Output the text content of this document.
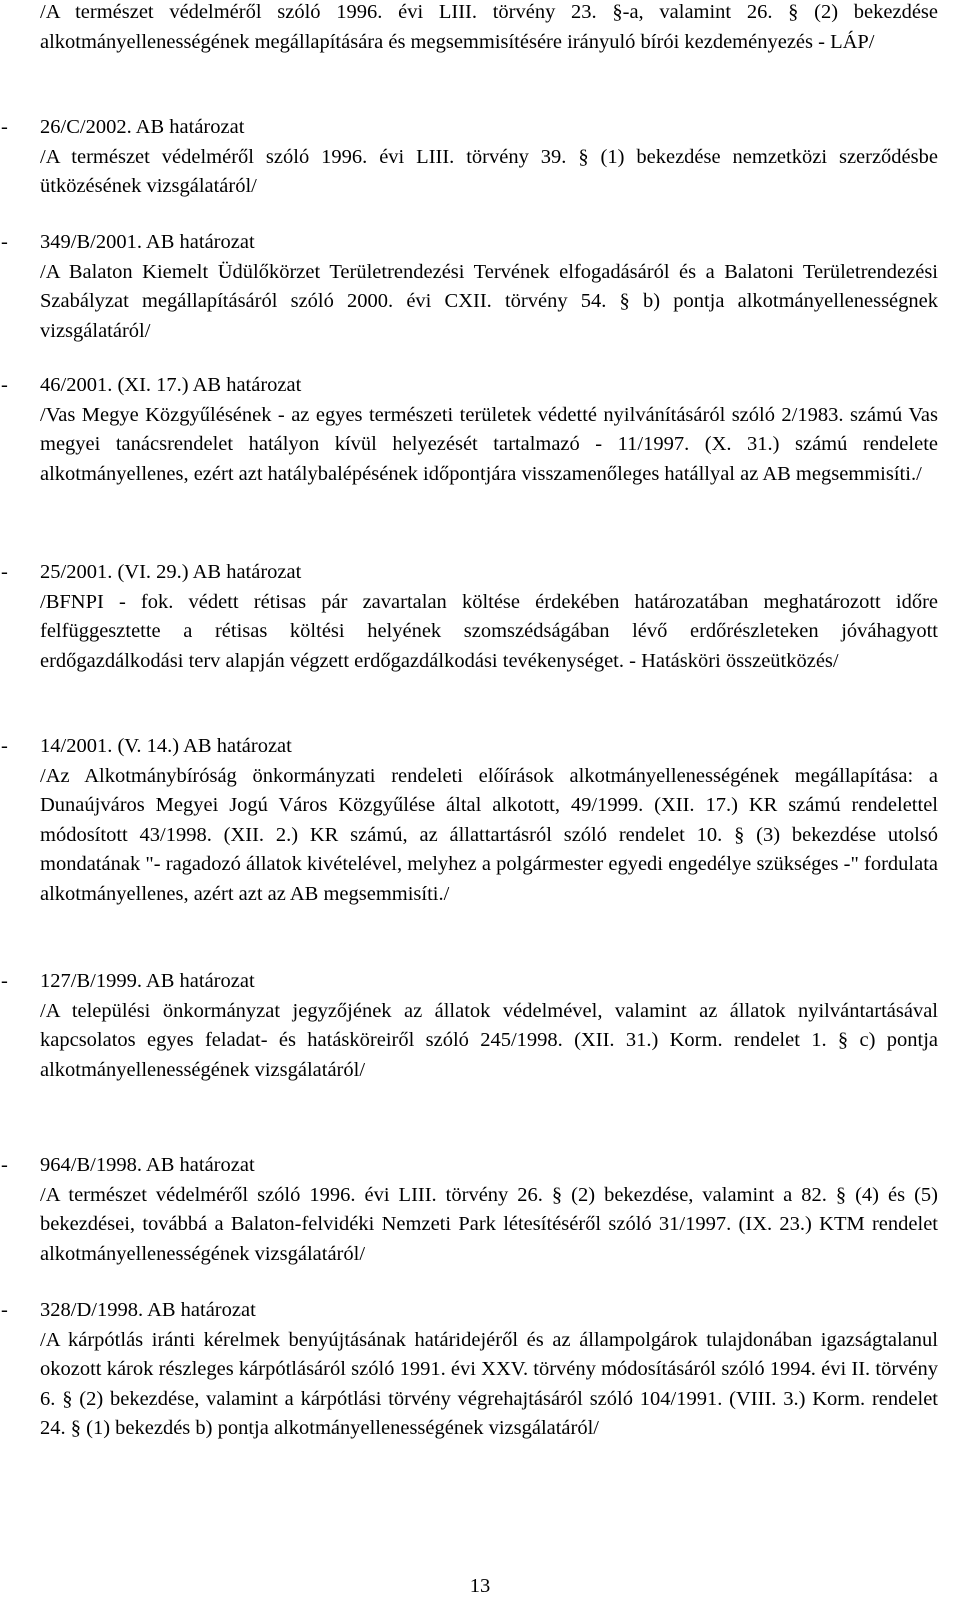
/A természet védelméről szóló 1996. évi LIII. törvény 23. §-a, valamint 26. § (2) bekezdése alkotmányellenességének megállapítására és megsemmisítésére irányuló bírói kezdeményezés - LÁP/
- 26/C/2002. AB határozat
/A természet védelméről szóló 1996. évi LIII. törvény 39. § (1) bekezdése nemzetközi szerződésbe ütközésének vizsgálatáról/
- 349/B/2001. AB határozat
/A Balaton Kiemelt Üdülőkörzet Területrendezési Tervének elfogadásáról és a Balatoni Területrendezési Szabályzat megállapításáról szóló 2000. évi CXII. törvény 54. § b) pontja alkotmányellenességnek vizsgálatáról/
- 46/2001. (XI. 17.) AB határozat
/Vas Megye Közgyűlésének - az egyes természeti területek védetté nyilvánításáról szóló 2/1983. számú Vas megyei tanácsrendelet hatályon kívül helyezését tartalmazó - 11/1997. (X. 31.) számú rendelete alkotmányellenes, ezért azt hatálybalépésének időpontjára visszamenőleges hatállyal az AB megsemmisíti./
- 25/2001. (VI. 29.) AB határozat
/BFNPI - fok. védett rétisas pár zavartalan költése érdekében határozatában meghatározott időre felfüggesztette a rétisas költési helyének szomszédságában lévő erdőrészleteken jóváhagyott erdőgazdálkodási terv alapján végzett erdőgazdálkodási tevékenységet. - Hatásköri összeütközés/
- 14/2001. (V. 14.) AB határozat
/Az Alkotmánybíróság önkormányzati rendeleti előírások alkotmányellenességének megállapítása: a Dunaújváros Megyei Jogú Város Közgyűlése által alkotott, 49/1999. (XII. 17.) KR számú rendelettel módosított 43/1998. (XII. 2.) KR számú, az állattartásról szóló rendelet 10. § (3) bekezdése utolsó mondatának "- ragadozó állatok kivételével, melyhez a polgármester egyedi engedélye szükséges -" fordulata alkotmányellenes, azért azt az AB megsemmisíti./
- 127/B/1999. AB határozat
/A települési önkormányzat jegyzőjének az állatok védelmével, valamint az állatok nyilvántartásával kapcsolatos egyes feladat- és hatásköreiről szóló 245/1998. (XII. 31.) Korm. rendelet 1. § c) pontja alkotmányellenességének vizsgálatáról/
- 964/B/1998. AB határozat
/A természet védelméről szóló 1996. évi LIII. törvény 26. § (2) bekezdése, valamint a 82. § (4) és (5) bekezdései, továbbá a Balaton-felvidéki Nemzeti Park létesítéséről szóló 31/1997. (IX. 23.) KTM rendelet alkotmányellenességének vizsgálatáról/
- 328/D/1998. AB határozat
/A kárpótlás iránti kérelmek benyújtásának határidejéről és az állampolgárok tulajdonában igazságtalanul okozott károk részleges kárpótlásáról szóló 1991. évi XXV. törvény módosításáról szóló 1994. évi II. törvény 6. § (2) bekezdése, valamint a kárpótlási törvény végrehajtásáról szóló 104/1991. (VIII. 3.) Korm. rendelet 24. § (1) bekezdés b) pontja alkotmányellenességének vizsgálatáról/
13
